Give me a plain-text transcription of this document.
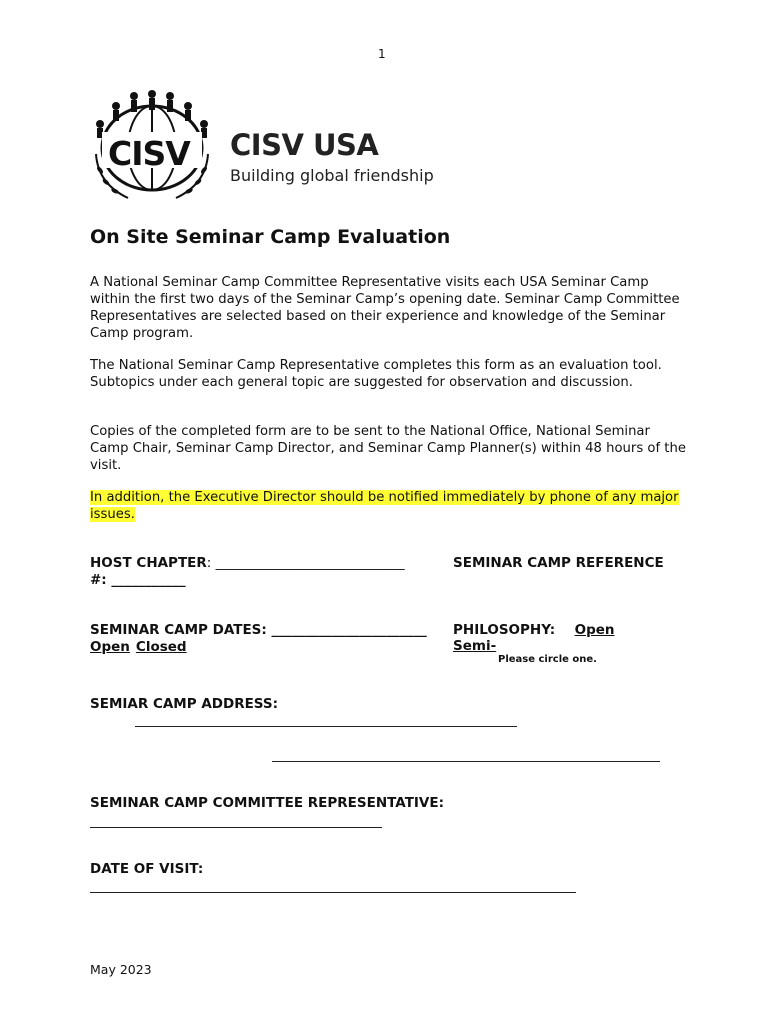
1
CISV CISV USA
Building global friendship
On Site Seminar Camp Evaluation

A National Seminar Camp Committee Representative visits each USA Seminar Camp within the first two days of the Seminar Camp’s opening date. Seminar Camp Committee Representatives are selected based on their experience and knowledge of the Seminar Camp program.

The National Seminar Camp Representative completes this form as an evaluation tool. Subtopics under each general topic are suggested for observation and discussion.

Copies of the completed form are to be sent to the National Office, National Seminar Camp Chair, Seminar Camp Director, and Seminar Camp Planner(s) within 48 hours of the visit.

In addition, the Executive Director should be notified immediately by phone of any major issues.

HOST CHAPTER: ____________________________
#: ___________
SEMINAR CAMP REFERENCE
SEMINAR CAMP DATES: _______________________ PHILOSOPHY: Open  Semi-
Open Closed
Please circle one.
SEMIAR CAMP ADDRESS:
SEMINAR CAMP COMMITTEE REPRESENTATIVE:
DATE OF VISIT:
May 2023
